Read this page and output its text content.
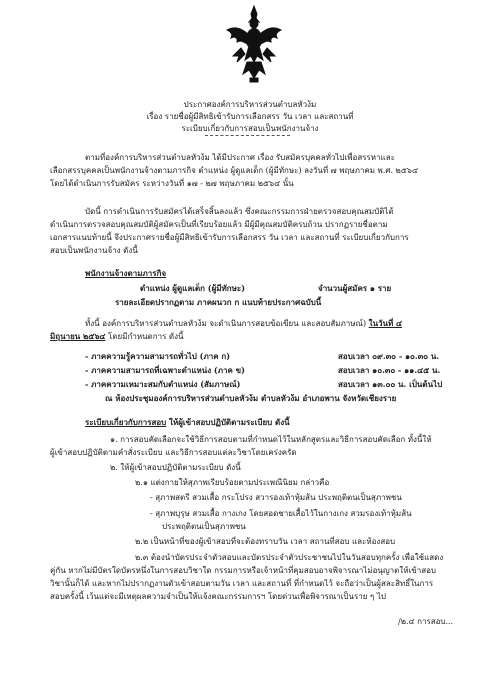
ประกาศองค์การบริหารส่วนตำบลหัวง้ม
เรื่อง รายชื่อผู้มีสิทธิเข้ารับการเลือกสรร วัน เวลา และสถานที่
ระเบียบเกี่ยวกับการสอบเป็นพนักงานจ้าง
ตามที่องค์การบริหารส่วนตำบลหัวง้ม ได้มีประกาศ เรื่อง รับสมัครบุคคลทั่วไปเพื่อสรรหาและ
เลือกสรรบุคคลเป็นพนักงานจ้างตามภารกิจ ตำแหน่ง ผู้ดูแลเด็ก (ผู้มีทักษะ) ลงวันที่ ๗ พฤษภาคม พ.ศ. ๒๕๖๔
โดยได้ดำเนินการรับสมัคร ระหว่างวันที่ ๑๗ - ๒๗ พฤษภาคม ๒๕๖๔ นั้น
บัดนี้ การดำเนินการรับสมัครได้เสร็จสิ้นลงแล้ว ซึ่งคณะกรรมการฝ่ายตรวจสอบคุณสมบัติได้
ดำเนินการตรวจสอบคุณสมบัติผู้สมัครเป็นที่เรียบร้อยแล้ว มีผู้มีคุณสมบัติครบถ้วน ปรากฏรายชื่อตาม
เอกสารแนบท้ายนี้ จึงประกาศรายชื่อผู้มีสิทธิเข้ารับการเลือกสรร วัน เวลา และสถานที่ ระเบียบเกี่ยวกับการ
สอบเป็นพนักงานจ้าง ดังนี้
พนักงานจ้างตามภารกิจ
ตำแหน่ง ผู้ดูแลเด็ก (ผู้มีทักษะ)	จำนวนผู้สมัคร ๑ ราย
รายละเอียดปรากฏตาม ภาคผนวก ก แนบท้ายประกาศฉบับนี้
ทั้งนี้ องค์การบริหารส่วนตำบลหัวง้ม จะดำเนินการสอบข้อเขียน และสอบสัมภาษณ์) ในวันที่ ๔
มิถุนายน ๒๕๖๔ โดยมีกำหนดการ ดังนี้
- ภาคความรู้ความสามารถทั่วไป (ภาค ก)	สอบเวลา ๐๙.๓๐ - ๑๐.๓๐ น.
- ภาคความสามารถที่เฉพาะตำแหน่ง (ภาค ข)	สอบเวลา ๑๐.๓๐ - ๑๑.๔๕ น.
- ภาคความเหมาะสมกับตำแหน่ง (สัมภาษณ์)	สอบเวลา ๑๓.๐๐ น. เป็นต้นไป
ณ ห้องประชุมองค์การบริหารส่วนตำบลหัวง้ม ตำบลหัวง้ม อำเภอพาน จังหวัดเชียงราย
ระเบียบเกี่ยวกับการสอบ ให้ผู้เข้าสอบปฏิบัติตามระเบียบ ดังนี้
๑. การสอบคัดเลือกจะใช้วิธีการสอบตามที่กำหนดไว้ในหลักสูตรและวิธีการสอบคัดเลือก ทั้งนี้ให้
ผู้เข้าสอบปฏิบัติตามคำสั่งระเบียบ และวิธีการสอบแต่ละวิชาโดยเคร่งครัด
๒. ให้ผู้เข้าสอบปฏิบัติตามระเบียบ ดังนี้
๒.๑ แต่งกายให้สุภาพเรียบร้อยตามประเพณีนิยม กล่าวคือ
- สุภาพสตรี สวมเสื้อ กระโปรง สวารองเท้าหุ้มส้น ประพฤติตนเป็นสุภาพชน
- สุภาพบุรุษ สวมเสื้อ กางเกง โดยสอดชายเสื้อไว้ในกางเกง สวมรองเท้าหุ้มส้น
ประพฤติตนเป็นสุภาพชน
๒.๒ เป็นหน้าที่ของผู้เข้าสอบที่จะต้องทราบวัน เวลา สถานที่สอบ และห้องสอบ
๒.๓ ต้องนำบัตรประจำตัวสอบและบัตรประจำตัวประชาชนไปในวันสอบทุกครั้ง เพื่อใช้แสดง
คู่กัน หากไม่มีบัตรใดบัตรหนึ่งในการสอบวิชาใด กรรมการหรือเจ้าหน้าที่คุมสอบอาจพิจารณาไม่อนุญาตให้เข้าสอบ
วิชานั้นก็ได้ และหากไม่ปรากฏงานตัวเข้าสอบตามวัน เวลา และสถานที่ ที่กำหนดไว้ จะถือว่าเป็นผู้สละสิทธิ์ในการ
สอบครั้งนี้ เว้นแต่จะมีเหตุผลความจำเป็นให้แจ้งคณะกรรมการฯ โดยด่วนเพื่อพิจารณาเป็นราย ๆ ไป
/๒.๔ การสอบ...
